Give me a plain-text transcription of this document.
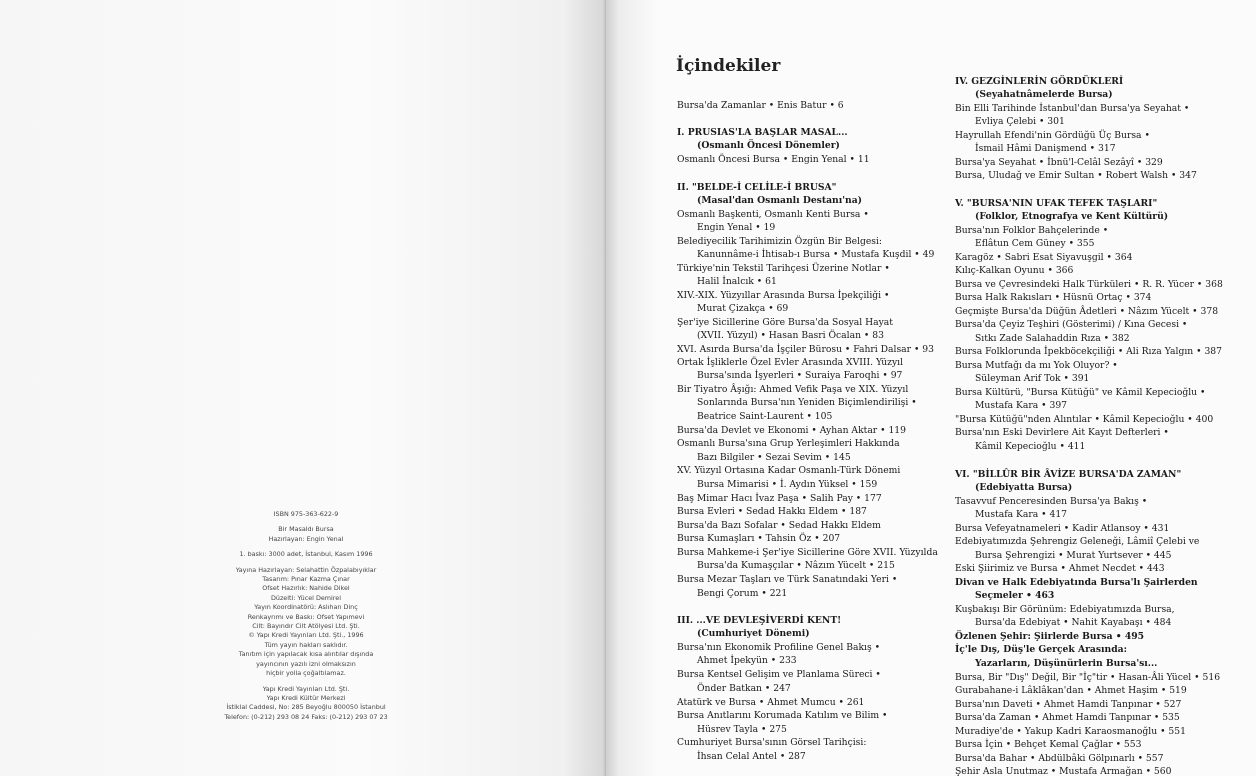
ISBN 975-363-622-9
Bir Masaldı Bursa
Hazırlayan: Engin Yenal
1. baskı: 3000 adet, İstanbul, Kasım 1996
Yayına Hazırlayan: Selahattin Özpalabıyıklar
Tasarım: Pınar Kazma Çınar
Ofset Hazırlık: Nahide Dikel
Düzelti: Yücel Demirel
Yayın Koordinatörü: Aslıhan Dinç
Renkayrımı ve Baskı: Ofset Yapımevi
Cilt: Bayındır Cilt Atölyesi Ltd. Şti.
© Yapı Kredi Yayınları Ltd. Şti., 1996
Tüm yayın hakları saklıdır.
Tanıtım için yapılacak kısa alıntılar dışında
yayıncının yazılı izni olmaksızın
hiçbir yolla çoğaltılamaz.
Yapı Kredi Yayınları Ltd. Şti.
Yapı Kredi Kültür Merkezi
İstiklal Caddesi, No: 285 Beyoğlu 800050 İstanbul
Telefon: (0-212) 293 08 24 Faks: (0-212) 293 07 23
İçindekiler
Bursa'da Zamanlar • Enis Batur • 6
I. PRUSIAS'LA BAŞLAR MASAL...
(Osmanlı Öncesi Dönemler)
Osmanlı Öncesi Bursa • Engin Yenal • 11
II. "BELDE-İ CELİLE-İ BRUSA"
(Masal'dan Osmanlı Destanı'na)
Osmanlı Başkenti, Osmanlı Kenti Bursa •
Engin Yenal • 19
Belediyecilik Tarihimizin Özgün Bir Belgesi:
Kanunnâme-i İhtisab-ı Bursa • Mustafa Kuşdil • 49
Türkiye'nin Tekstil Tarihçesi Üzerine Notlar •
Halil İnalcık • 61
XIV.-XIX. Yüzyıllar Arasında Bursa İpekçiliği •
Murat Çizakça • 69
Şer'iye Sicillerine Göre Bursa'da Sosyal Hayat
(XVII. Yüzyıl) • Hasan Basri Öcalan • 83
XVI. Asırda Bursa'da İşçiler Bürosu • Fahri Dalsar • 93
Ortak İşliklerle Özel Evler Arasında XVIII. Yüzyıl
Bursa'sında İşyerleri • Suraiya Faroqhi • 97
Bir Tiyatro Âşığı: Ahmed Vefik Paşa ve XIX. Yüzyıl
Sonlarında Bursa'nın Yeniden Biçimlendirilişi •
Beatrice Saint-Laurent • 105
Bursa'da Devlet ve Ekonomi • Ayhan Aktar • 119
Osmanlı Bursa'sına Grup Yerleşimleri Hakkında
Bazı Bilgiler • Sezai Sevim • 145
XV. Yüzyıl Ortasına Kadar Osmanlı-Türk Dönemi
Bursa Mimarisi • İ. Aydın Yüksel • 159
Baş Mimar Hacı İvaz Paşa • Salih Pay • 177
Bursa Evleri • Sedad Hakkı Eldem • 187
Bursa'da Bazı Sofalar • Sedad Hakkı Eldem
Bursa Kumaşları • Tahsin Öz • 207
Bursa Mahkeme-i Şer'iye Sicillerine Göre XVII. Yüzyılda
Bursa'da Kumaşçılar • Nâzım Yücelt • 215
Bursa Mezar Taşları ve Türk Sanatındaki Yeri •
Bengi Çorum • 221
III. ...VE DEVLEŞİVERDİ KENT!
(Cumhuriyet Dönemi)
Bursa'nın Ekonomik Profiline Genel Bakış •
Ahmet İpekyün • 233
Bursa Kentsel Gelişim ve Planlama Süreci •
Önder Batkan • 247
Atatürk ve Bursa • Ahmet Mumcu • 261
Bursa Anıtlarını Korumada Katılım ve Bilim •
Hüsrev Tayla • 275
Cumhuriyet Bursa'sının Görsel Tarihçisi:
İhsan Celal Antel • 287
IV. GEZGİNLERİN GÖRDÜKLERİ
(Seyahatnâmelerde Bursa)
Bin Elli Tarihinde İstanbul'dan Bursa'ya Seyahat •
Evliya Çelebi • 301
Hayrullah Efendi'nin Gördüğü Üç Bursa •
İsmail Hâmi Danişmend • 317
Bursa'ya Seyahat • İbnü'l-Celâl Sezâyî • 329
Bursa, Uludağ ve Emir Sultan • Robert Walsh • 347
V. "BURSA'NIN UFAK TEFEK TAŞLARI"
(Folklor, Etnografya ve Kent Kültürü)
Bursa'nın Folklor Bahçelerinde •
Eflâtun Cem Güney • 355
Karagöz • Sabri Esat Siyavuşgil • 364
Kılıç-Kalkan Oyunu • 366
Bursa ve Çevresindeki Halk Türküleri • R. R. Yücer • 368
Bursa Halk Rakısları • Hüsnü Ortaç • 374
Geçmişte Bursa'da Düğün Âdetleri • Nâzım Yücelt • 378
Bursa'da Çeyiz Teşhiri (Gösterimi) / Kına Gecesi •
Sıtkı Zade Salahaddin Rıza • 382
Bursa Folklorunda İpekböcekçiliği • Ali Rıza Yalgın • 387
Bursa Mutfağı da mı Yok Oluyor? •
Süleyman Arif Tok • 391
Bursa Kültürü, "Bursa Kütüğü" ve Kâmil Kepecioğlu •
Mustafa Kara • 397
"Bursa Kütüğü"nden Alıntılar • Kâmil Kepecioğlu • 400
Bursa'nın Eski Devirlere Ait Kayıt Defterleri •
Kâmil Kepecioğlu • 411
VI. "BİLLÛR BİR ÂVİZE BURSA'DA ZAMAN"
(Edebiyatta Bursa)
Tasavvuf Penceresinden Bursa'ya Bakış •
Mustafa Kara • 417
Bursa Vefeyatnameleri • Kadir Atlansoy • 431
Edebiyatımızda Şehrengiz Geleneği, Lâmiî Çelebi ve
Bursa Şehrengizi • Murat Yurtsever • 445
Eski Şiirimiz ve Bursa • Ahmet Necdet • 443
Divan ve Halk Edebiyatında Bursa'lı Şairlerden
Seçmeler • 463
Kuşbakışı Bir Görünüm: Edebiyatımızda Bursa,
Bursa'da Edebiyat • Nahit Kayabaşı • 484
Özlenen Şehir: Şiirlerde Bursa • 495
İç'le Dış, Düş'le Gerçek Arasında:
Yazarların, Düşünürlerin Bursa'sı...
Bursa, Bir "Dış" Değil, Bir "İç"tir • Hasan-Âli Yücel • 516
Gurabahane-i Lâklâkan'dan • Ahmet Haşim • 519
Bursa'nın Daveti • Ahmet Hamdi Tanpınar • 527
Bursa'da Zaman • Ahmet Hamdi Tanpınar • 535
Muradiye'de • Yakup Kadri Karaosmanoğlu • 551
Bursa İçin • Behçet Kemal Çağlar • 553
Bursa'da Bahar • Abdülbâki Gölpınarlı • 557
Şehir Asla Unutmaz • Mustafa Armağan • 560
